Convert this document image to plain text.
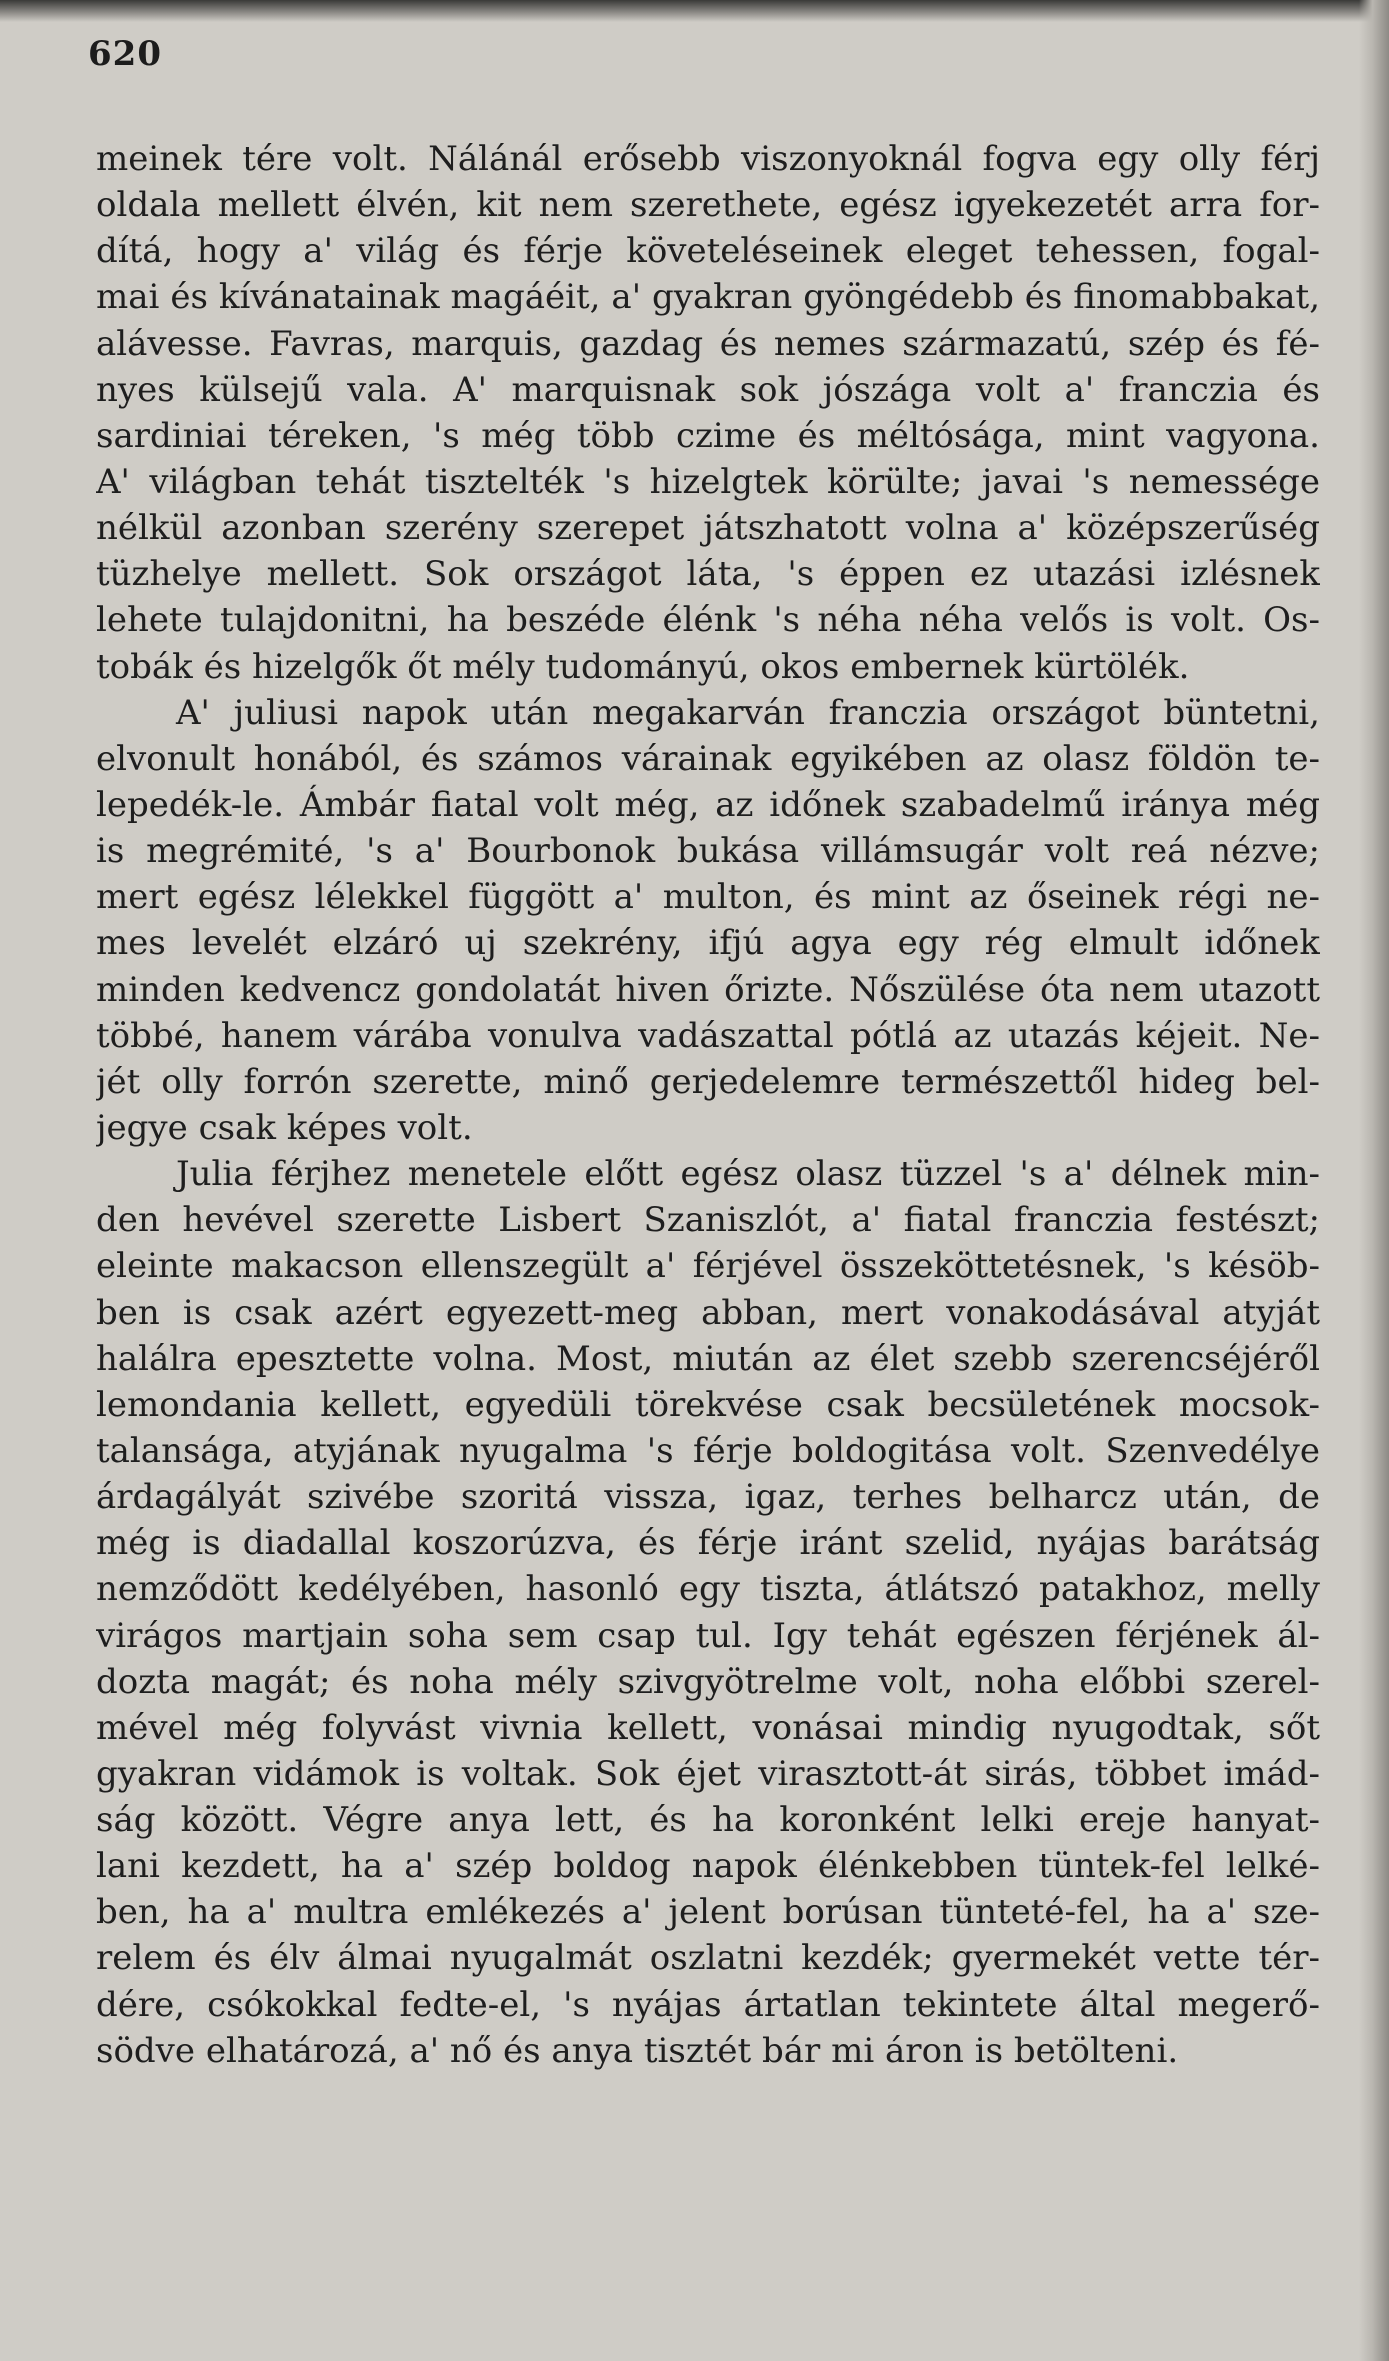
620
meinek tére volt. Nálánál erősebb viszonyoknál fogva egy olly férj
oldala mellett élvén, kit nem szerethete, egész igyekezetét arra for-
dítá, hogy a' világ és férje követeléseinek eleget tehessen, fogal-
mai és kívánatainak magáéit, a' gyakran gyöngédebb és finomabbakat,
alávesse. Favras, marquis, gazdag és nemes származatú, szép és fé-
nyes külsejű vala. A' marquisnak sok jószága volt a' franczia és
sardiniai téreken, 's még több czime és méltósága, mint vagyona.
A' világban tehát tisztelték 's hizelgtek körülte; javai 's nemessége
nélkül azonban szerény szerepet játszhatott volna a' középszerűség
tüzhelye mellett. Sok országot láta, 's éppen ez utazási izlésnek
lehete tulajdonitni, ha beszéde élénk 's néha néha velős is volt. Os-
tobák és hizelgők őt mély tudományú, okos embernek kürtölék.
A' juliusi napok után megakarván franczia országot büntetni,
elvonult honából, és számos várainak egyikében az olasz földön te-
lepedék-le. Ámbár fiatal volt még, az időnek szabadelmű iránya még
is megrémité, 's a' Bourbonok bukása villámsugár volt reá nézve;
mert egész lélekkel függött a' multon, és mint az őseinek régi ne-
mes levelét elzáró uj szekrény, ifjú agya egy rég elmult időnek
minden kedvencz gondolatát hiven őrizte. Nőszülése óta nem utazott
többé, hanem várába vonulva vadászattal pótlá az utazás kéjeit. Ne-
jét olly forrón szerette, minő gerjedelemre természettől hideg bel-
jegye csak képes volt.
Julia férjhez menetele előtt egész olasz tüzzel 's a' délnek min-
den hevével szerette Lisbert Szaniszlót, a' fiatal franczia festészt;
eleinte makacson ellenszegült a' férjével összeköttetésnek, 's késöb-
ben is csak azért egyezett-meg abban, mert vonakodásával atyját
halálra epesztette volna. Most, miután az élet szebb szerencséjéről
lemondania kellett, egyedüli törekvése csak becsületének mocsok-
talansága, atyjának nyugalma 's férje boldogitása volt. Szenvedélye
árdagályát szivébe szoritá vissza, igaz, terhes belharcz után, de
még is diadallal koszorúzva, és férje iránt szelid, nyájas barátság
nemződött kedélyében, hasonló egy tiszta, átlátszó patakhoz, melly
virágos martjain soha sem csap tul. Igy tehát egészen férjének ál-
dozta magát; és noha mély szivgyötrelme volt, noha előbbi szerel-
mével még folyvást vivnia kellett, vonásai mindig nyugodtak, sőt
gyakran vidámok is voltak. Sok éjet virasztott-át sirás, többet imád-
ság között. Végre anya lett, és ha koronként lelki ereje hanyat-
lani kezdett, ha a' szép boldog napok élénkebben tüntek-fel lelké-
ben, ha a' multra emlékezés a' jelent borúsan tüntеté-fel, ha a' sze-
relem és élv álmai nyugalmát oszlatni kezdék; gyermekét vette tér-
dére, csókokkal fedte-el, 's nyájas ártatlan tekintete által megerő-
södve elhatározá, a' nő és anya tisztét bár mi áron is betölteni.
